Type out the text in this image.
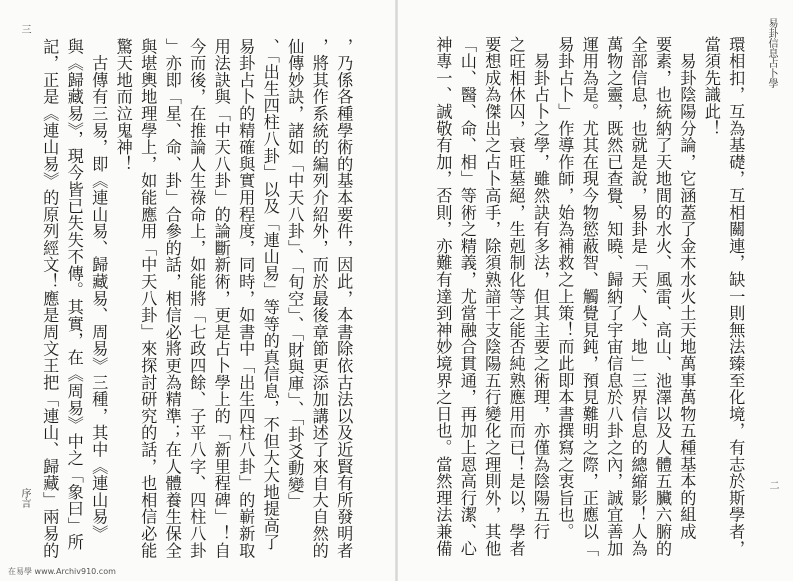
易卦信息占卜學
二
環相扣，互為基礎，互相關連，缺一則無法臻至化境，有志於斯學者，
當須先識此！
　易卦陰陽分論，它涵蓋了金木水火土天地萬事萬物五種基本的組成
要素，也統納了天地間的水火、風雷、高山、池澤以及人體五臟六腑的
全部信息，也就是說，易卦是「天、人、地」三界信息的總縮影！人為
萬物之靈，既然已查覺、知曉、歸納了宇宙信息於八卦之內，誠宜善加
運用為是。尤其在現今物慾蔽智、觸覺見鈍，預見難明之際，正應以「
易卦占卜」作導作師，始為補救之上策！而此即本書撰寫之衷旨也。
　易卦占卜之學，雖然訣有多法，但其主要之術理，亦僅為陰陽五行
之旺相休囚，衰旺墓絕，生剋制化等之能否純熟應用而已！是以，學者
要想成為傑出之占卜高手，除須熟諳干支陰陽五行變化之理則外，其他
「山、醫、命、相」等術之精義，尤當融合貫通，再加上恩高行潔、心
神專一、誠敬有加，否則，亦難有達到神妙境界之日也。當然理法兼備
，乃係各種學術的基本要件，因此，本書除依古法以及近賢有所發明者
，將其作系統的編列介紹外，而於最後章節更添加講述了來自大自然的
仙傳妙訣，諸如「中天八卦」、「旬空」、「財與庫」、「卦爻動變」
、「出生四柱八卦」以及「連山易」等等的真信息，不但大大地提高了
易卦占卜的精確與實用程度，同時，如書中「出生四柱八卦」的嶄新取
用法訣與「中天八卦」的論斷新術，更是占卜學上的「新里程碑」！自
今而後，在推論人生祿命上，如能將「七政四餘、子平八字、四柱八卦
」亦即「星、命、卦」合參的話，相信必將更為精準；在人體養生保全
與堪輿地理學上，如能應用「中天八卦」來探討研究的話，也相信必能
驚天地而泣鬼神！
　古傳有三易，即《連山易、歸藏易、周易》三種，其中《連山易》
與《歸藏易》，現今皆已失失不傳。其實，在《周易》中之「象曰」所
記，正是《連山易》的原列經文！應是周文王把「連山、歸藏」兩易的
序言
三
在易學 www.Archiv910.com
